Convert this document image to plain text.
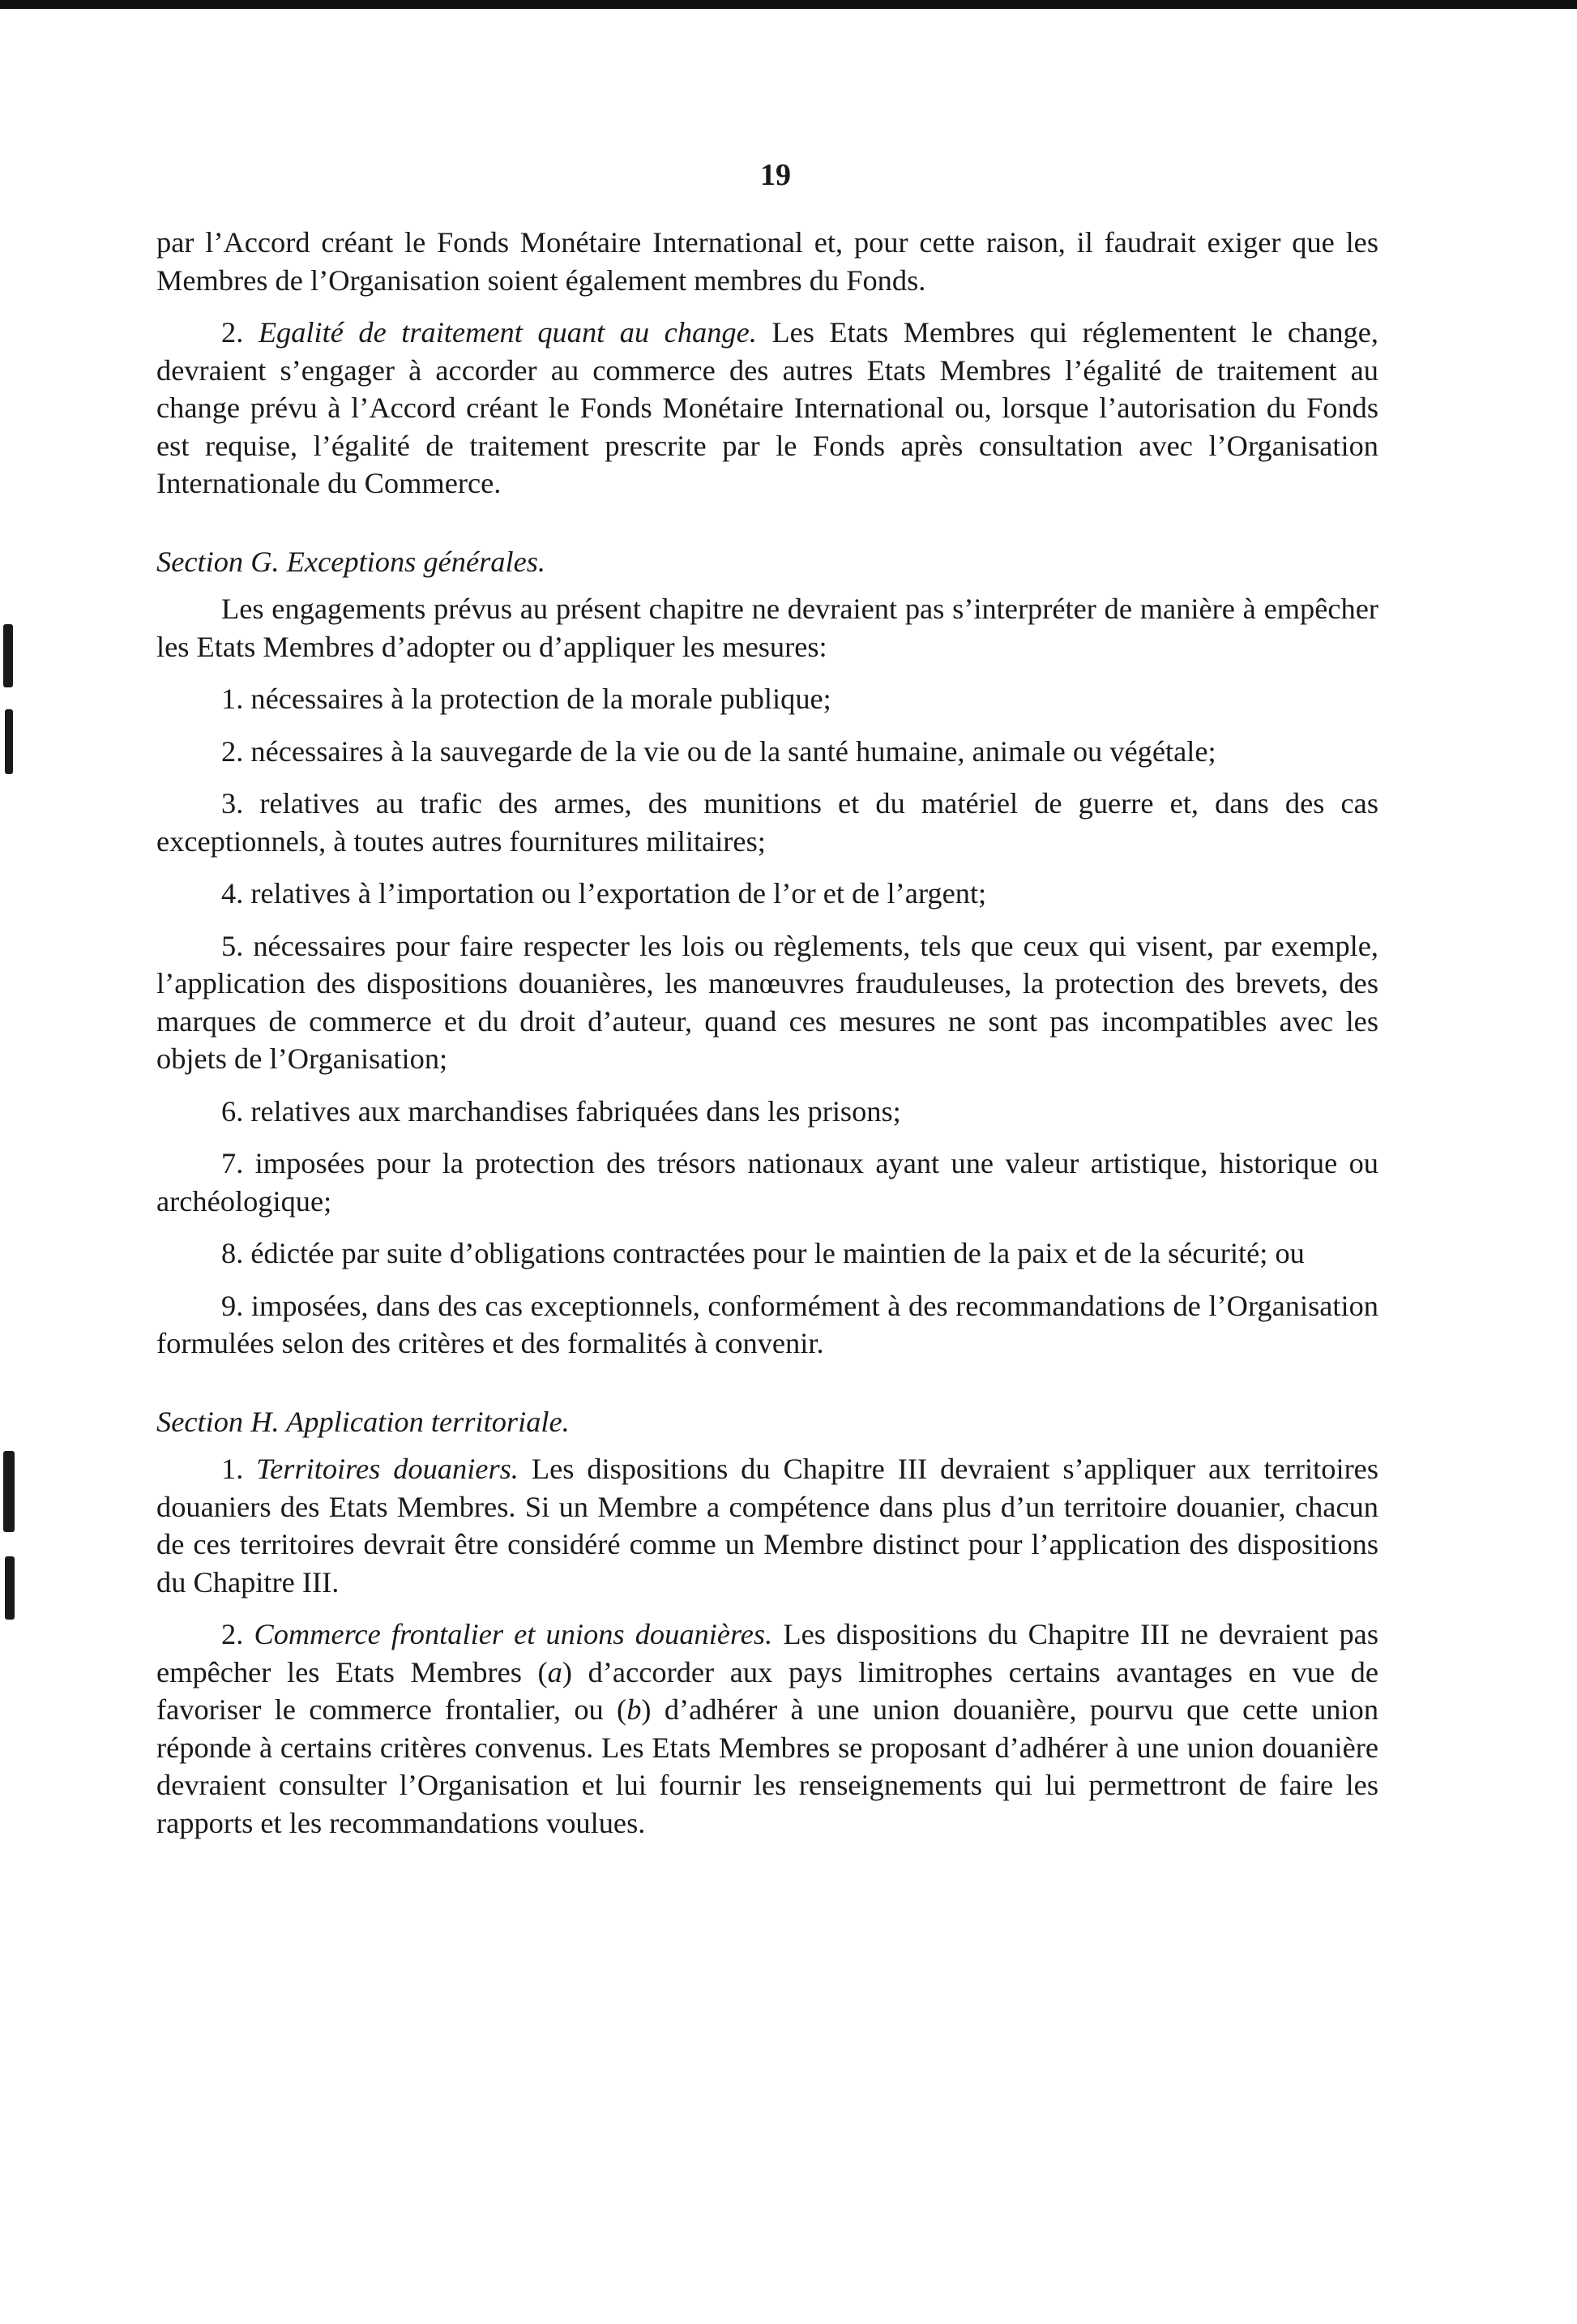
19

par l’Accord créant le Fonds Monétaire International et, pour cette raison, il faudrait exiger que les Membres de l’Organisation soient également membres du Fonds.

2. Egalité de traitement quant au change. Les Etats Membres qui réglementent le change, devraient s’engager à accorder au commerce des autres Etats Membres l’égalité de traitement au change prévu à l’Accord créant le Fonds Monétaire International ou, lorsque l’autorisation du Fonds est requise, l’égalité de traitement prescrite par le Fonds après consultation avec l’Organisation Internationale du Commerce.

Section G. Exceptions générales.

Les engagements prévus au présent chapitre ne devraient pas s’interpréter de manière à empêcher les Etats Membres d’adopter ou d’appliquer les mesures:

1. nécessaires à la protection de la morale publique;

2. nécessaires à la sauvegarde de la vie ou de la santé humaine, animale ou végétale;

3. relatives au trafic des armes, des munitions et du matériel de guerre et, dans des cas exceptionnels, à toutes autres fournitures militaires;

4. relatives à l’importation ou l’exportation de l’or et de l’argent;

5. nécessaires pour faire respecter les lois ou règlements, tels que ceux qui visent, par exemple, l’application des dispositions douanières, les manœuvres frauduleuses, la protection des brevets, des marques de commerce et du droit d’auteur, quand ces mesures ne sont pas incompatibles avec les objets de l’Organisation;

6. relatives aux marchandises fabriquées dans les prisons;

7. imposées pour la protection des trésors nationaux ayant une valeur artistique, historique ou archéologique;

8. édictée par suite d’obligations contractées pour le maintien de la paix et de la sécurité; ou

9. imposées, dans des cas exceptionnels, conformément à des recommandations de l’Organisation formulées selon des critères et des formalités à convenir.

Section H. Application territoriale.

1. Territoires douaniers. Les dispositions du Chapitre III devraient s’appliquer aux territoires douaniers des Etats Membres. Si un Membre a compétence dans plus d’un territoire douanier, chacun de ces territoires devrait être considéré comme un Membre distinct pour l’application des dispositions du Chapitre III.

2. Commerce frontalier et unions douanières. Les dispositions du Chapitre III ne devraient pas empêcher les Etats Membres (a) d’accorder aux pays limitrophes certains avantages en vue de favoriser le commerce frontalier, ou (b) d’adhérer à une union douanière, pourvu que cette union réponde à certains critères convenus. Les Etats Membres se proposant d’adhérer à une union douanière devraient consulter l’Organisation et lui fournir les renseignements qui lui permettront de faire les rapports et les recommandations voulues.
